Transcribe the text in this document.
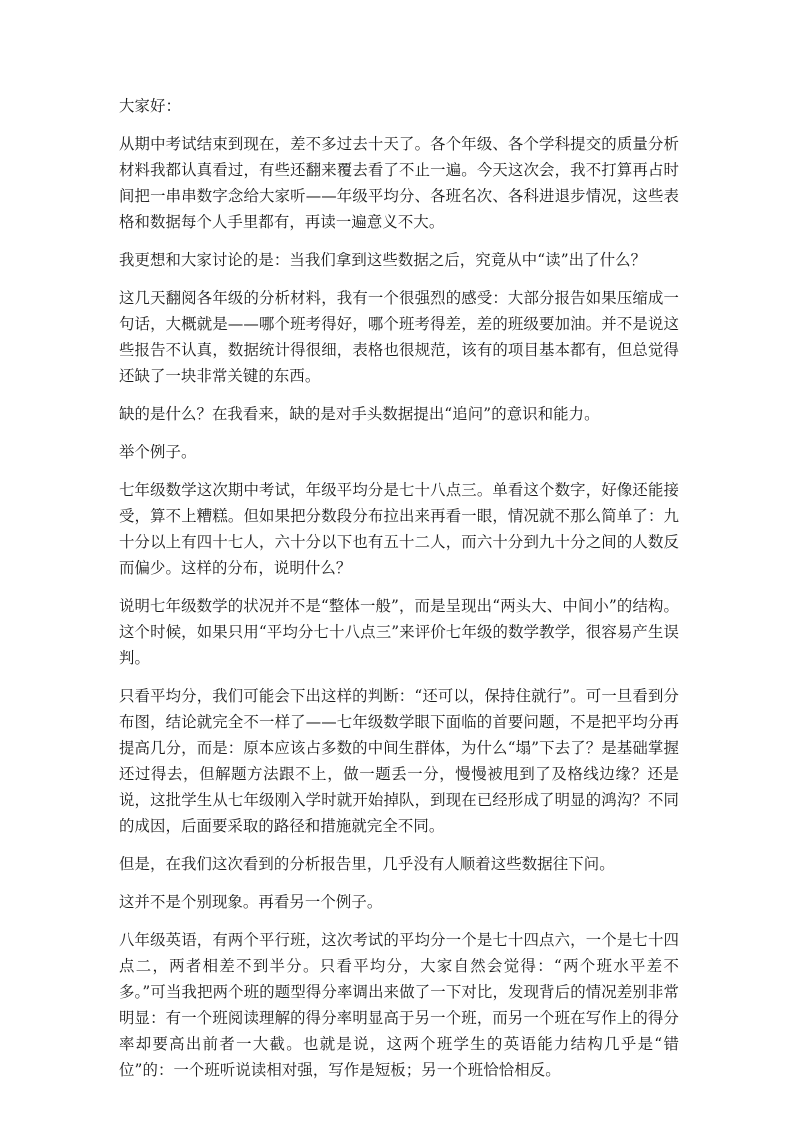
大家好：

从期中考试结束到现在，差不多过去十天了。各个年级、各个学科提交的质量分析材料我都认真看过，有些还翻来覆去看了不止一遍。今天这次会，我不打算再占时间把一串串数字念给大家听——年级平均分、各班名次、各科进退步情况，这些表格和数据每个人手里都有，再读一遍意义不大。

我更想和大家讨论的是：当我们拿到这些数据之后，究竟从中“读”出了什么？

这几天翻阅各年级的分析材料，我有一个很强烈的感受：大部分报告如果压缩成一句话，大概就是——哪个班考得好，哪个班考得差，差的班级要加油。并不是说这些报告不认真，数据统计得很细，表格也很规范，该有的项目基本都有，但总觉得还缺了一块非常关键的东西。

缺的是什么？在我看来，缺的是对手头数据提出“追问”的意识和能力。

举个例子。

七年级数学这次期中考试，年级平均分是七十八点三。单看这个数字，好像还能接受，算不上糟糕。但如果把分数段分布拉出来再看一眼，情况就不那么简单了：九十分以上有四十七人，六十分以下也有五十二人，而六十分到九十分之间的人数反而偏少。这样的分布，说明什么？

说明七年级数学的状况并不是“整体一般”，而是呈现出“两头大、中间小”的结构。这个时候，如果只用“平均分七十八点三”来评价七年级的数学教学，很容易产生误判。

只看平均分，我们可能会下出这样的判断：“还可以，保持住就行”。可一旦看到分布图，结论就完全不一样了——七年级数学眼下面临的首要问题，不是把平均分再提高几分，而是：原本应该占多数的中间生群体，为什么“塌”下去了？是基础掌握还过得去，但解题方法跟不上，做一题丢一分，慢慢被甩到了及格线边缘？还是说，这批学生从七年级刚入学时就开始掉队，到现在已经形成了明显的鸿沟？不同的成因，后面要采取的路径和措施就完全不同。

但是，在我们这次看到的分析报告里，几乎没有人顺着这些数据往下问。

这并不是个别现象。再看另一个例子。

八年级英语，有两个平行班，这次考试的平均分一个是七十四点六，一个是七十四点二，两者相差不到半分。只看平均分，大家自然会觉得：“两个班水平差不多。”可当我把两个班的题型得分率调出来做了一下对比，发现背后的情况差别非常明显：有一个班阅读理解的得分率明显高于另一个班，而另一个班在写作上的得分率却要高出前者一大截。也就是说，这两个班学生的英语能力结构几乎是“错位”的：一个班听说读相对强，写作是短板；另一个班恰恰相反。
